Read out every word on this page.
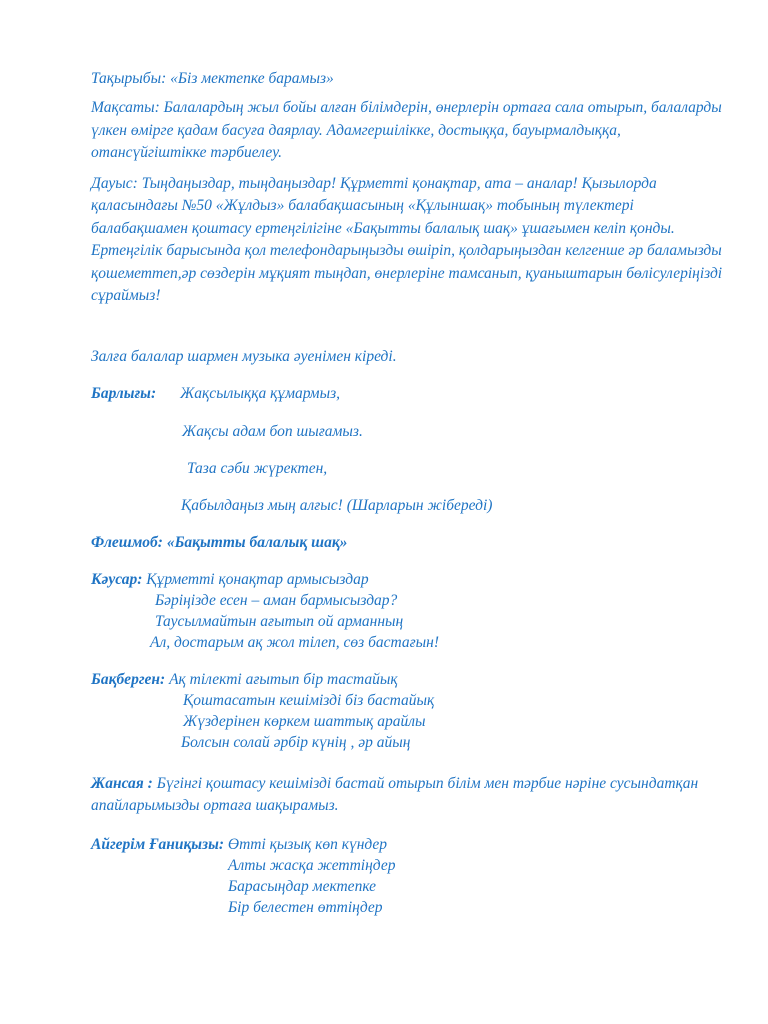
Тақырыбы: «Біз мектепке барамыз»

Мақсаты: Балалардың жыл бойы алған білімдерін, өнерлерін ортаға сала отырып, балаларды үлкен өмірге қадам басуға даярлау. Адамгершілікке, достыққа, бауырмалдыққа, отансүйгіштікке тәрбиелеу.

Дауыс: Тыңдаңыздар, тыңдаңыздар! Құрметті қонақтар, ата – аналар! Қызылорда қаласындағы №50 «Жұлдыз» балабақшасының «Құлыншақ» тобының түлектері балабақшамен қоштасу ертеңгілігіне «Бақытты балалық шақ» ұшағымен келіп қонды. Ертеңгілік барысында қол телефондарыңызды өшіріп, қолдарыңыздан келгенше әр баламызды қошеметтеп,әр сөздерін мұқият тыңдап, өнерлеріне тамсанып, қуаныштарын бөлісулеріңізді сұраймыз!

Залға балалар шармен музыка әуенімен кіреді.

Барлығы: Жақсылыққа құмармыз,

Жақсы адам боп шығамыз.

Таза сәби жүректен,

Қабылдаңыз мың алғыс! (Шарларын жібереді)

Флешмоб: «Бақытты балалық шақ»

Кәусар: Құрметті қонақтар армысыздар

Бәріңізде есен – аман бармысыздар?

Таусылмайтын ағытып ой арманның

Ал, достарым ақ жол тілеп, сөз бастағын!

Бақберген: Ақ тілекті ағытып бір тастайық

Қоштасатын кешімізді біз бастайық

Жүздерінен көркем шаттық арайлы

Болсын солай әрбір күнің , әр айың

Жансая : Бүгінгі қоштасу кешімізді бастай отырып білім мен тәрбие нәріне сусындатқан апайларымызды ортаға шақырамыз.

Айгерім Ғаниқызы: Өтті қызық көп күндер

Алты жасқа жеттіңдер

Барасыңдар мектепке

Бір белестен өттіңдер
